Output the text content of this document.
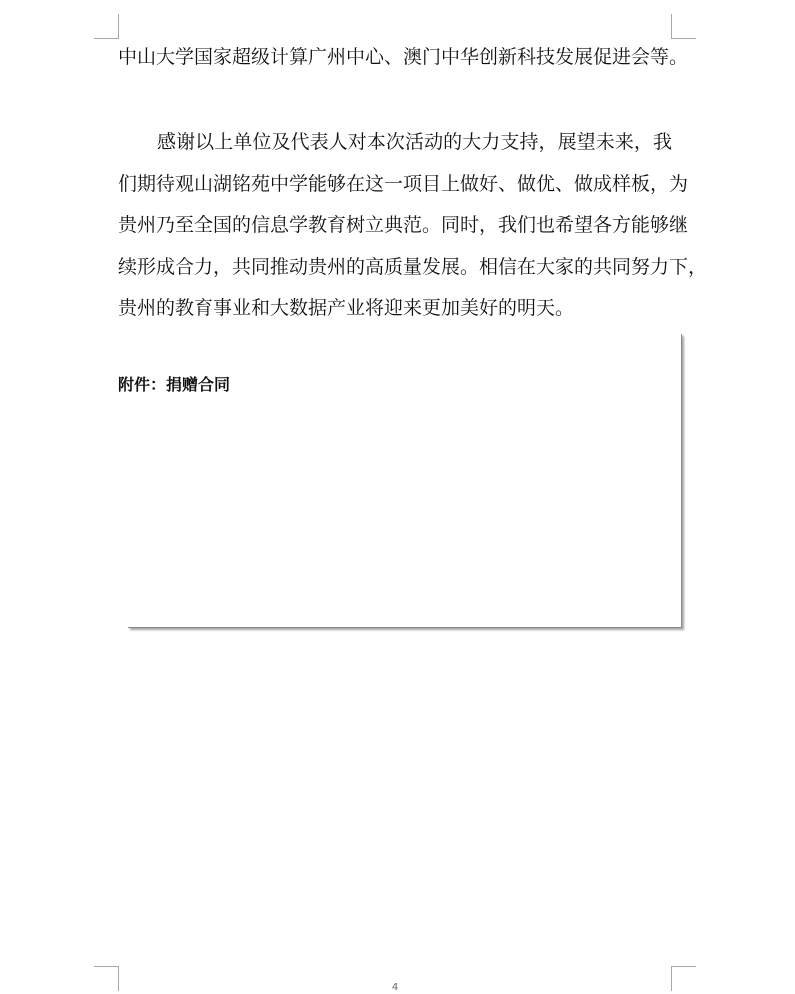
中山大学国家超级计算广州中心、澳门中华创新科技发展促进会等。
感谢以上单位及代表人对本次活动的大力支持，展望未来，我
们期待观山湖铭苑中学能够在这一项目上做好、做优、做成样板，为
贵州乃至全国的信息学教育树立典范。同时，我们也希望各方能够继
续形成合力，共同推动贵州的高质量发展。相信在大家的共同努力下，
贵州的教育事业和大数据产业将迎来更加美好的明天。
附件：捐赠合同
4
